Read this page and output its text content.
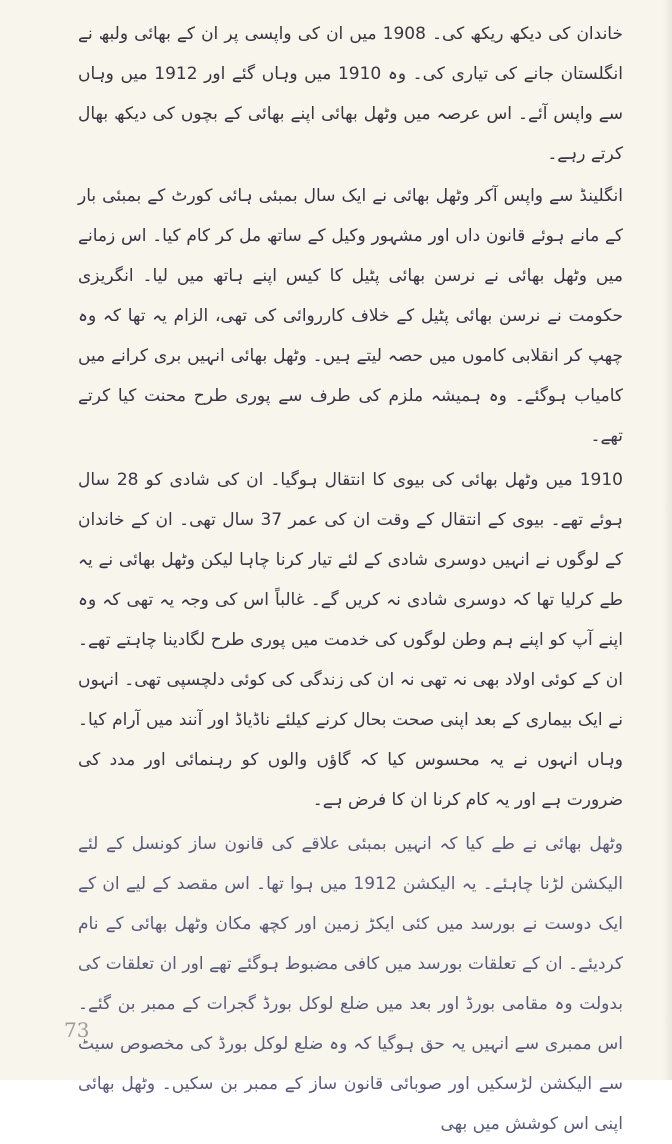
خاندان کی دیکھ ریکھ کی۔ 1908 میں ان کی واپسی پر ان کے بھائی ولبھ نے انگلستان جانے کی تیاری کی۔ وہ 1910 میں وہاں گئے اور 1912 میں وہاں سے واپس آئے۔ اس عرصہ میں وٹھل بھائی اپنے بھائی کے بچوں کی دیکھ بھال کرتے رہے۔

انگلینڈ سے واپس آکر وٹھل بھائی نے ایک سال بمبئی ہائی کورٹ کے بمبئی بار کے مانے ہوئے قانون داں اور مشہور وکیل کے ساتھ مل کر کام کیا۔ اس زمانے میں وٹھل بھائی نے نرسن بھائی پٹیل کا کیس اپنے ہاتھ میں لیا۔ انگریزی حکومت نے نرسن بھائی پٹیل کے خلاف کارروائی کی تھی، الزام یہ تھا کہ وہ چھپ کر انقلابی کاموں میں حصہ لیتے ہیں۔ وٹھل بھائی انہیں بری کرانے میں کامیاب ہوگئے۔ وہ ہمیشہ ملزم کی طرف سے پوری طرح محنت کیا کرتے تھے۔

1910 میں وٹھل بھائی کی بیوی کا انتقال ہوگیا۔ ان کی شادی کو 28 سال ہوئے تھے۔ بیوی کے انتقال کے وقت ان کی عمر 37 سال تھی۔ ان کے خاندان کے لوگوں نے انہیں دوسری شادی کے لئے تیار کرنا چاہا لیکن وٹھل بھائی نے یہ طے کرلیا تھا کہ دوسری شادی نہ کریں گے۔ غالباً اس کی وجہ یہ تھی کہ وہ اپنے آپ کو اپنے ہم وطن لوگوں کی خدمت میں پوری طرح لگادینا چاہتے تھے۔ ان کے کوئی اولاد بھی نہ تھی نہ ان کی زندگی کی کوئی دلچسپی تھی۔ انہوں نے ایک بیماری کے بعد اپنی صحت بحال کرنے کیلئے ناڈیاڈ اور آنند میں آرام کیا۔ وہاں انہوں نے یہ محسوس کیا کہ گاؤں والوں کو رہنمائی اور مدد کی ضرورت ہے اور یہ کام کرنا ان کا فرض ہے۔

وٹھل بھائی نے طے کیا کہ انہیں بمبئی علاقے کی قانون ساز کونسل کے لئے الیکشن لڑنا چاہئے۔ یہ الیکشن 1912 میں ہوا تھا۔ اس مقصد کے لیے ان کے ایک دوست نے بورسد میں کئی ایکڑ زمین اور کچھ مکان وٹھل بھائی کے نام کردیئے۔ ان کے تعلقات بورسد میں کافی مضبوط ہوگئے تھے اور ان تعلقات کی بدولت وہ مقامی بورڈ اور بعد میں ضلع لوکل بورڈ گجرات کے ممبر بن گئے۔ اس ممبری سے انہیں یہ حق ہوگیا کہ وہ ضلع لوکل بورڈ کی مخصوص سیٹ سے الیکشن لڑسکیں اور صوبائی قانون ساز کے ممبر بن سکیں۔ وٹھل بھائی اپنی اس کوشش میں بھی

73
